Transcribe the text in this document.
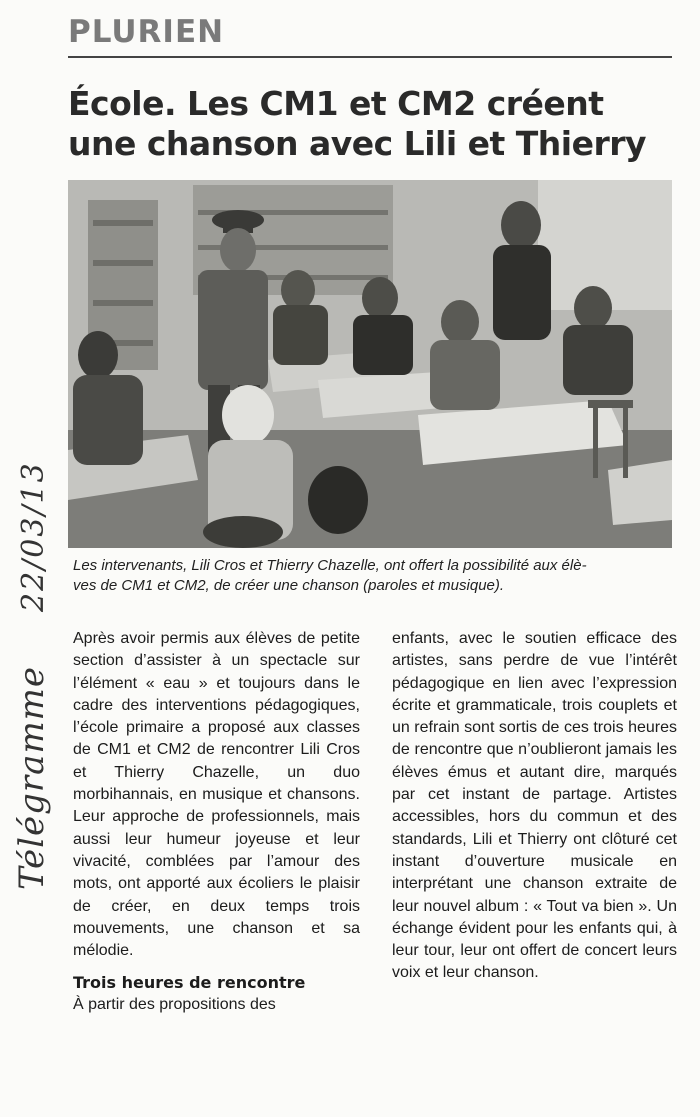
PLURIEN
École. Les CM1 et CM2 créent
une chanson avec Lili et Thierry

Les intervenants, Lili Cros et Thierry Chazelle, ont offert la possibilité aux élè-
ves de CM1 et CM2, de créer une chanson (paroles et musique).

Après avoir permis aux élèves de petite section d’assister à un spectacle sur l’élément « eau » et toujours dans le cadre des interventions pédagogiques, l’école primaire a proposé aux classes de CM1 et CM2 de rencontrer Lili Cros et Thierry Chazelle, un duo morbihannais, en musique et chansons. Leur approche de professionnels, mais aussi leur humeur joyeuse et leur vivacité, comblées par l’amour des mots, ont apporté aux écoliers le plaisir de créer, en deux temps trois mouvements, une chanson et sa mélodie.

Trois heures de rencontre

À partir des propositions des

enfants, avec le soutien efficace des artistes, sans perdre de vue l’intérêt pédagogique en lien avec l’expression écrite et grammaticale, trois couplets et un refrain sont sortis de ces trois heures de rencontre que n’oublieront jamais les élèves émus et autant dire, marqués par cet instant de partage. Artistes accessibles, hors du commun et des standards, Lili et Thierry ont clôturé cet instant d’ouverture musicale en interprétant une chanson extraite de leur nouvel album : « Tout va bien ». Un échange évident pour les enfants qui, à leur tour, leur ont offert de concert leurs voix et leur chanson.

22/03/13
Télégramme
